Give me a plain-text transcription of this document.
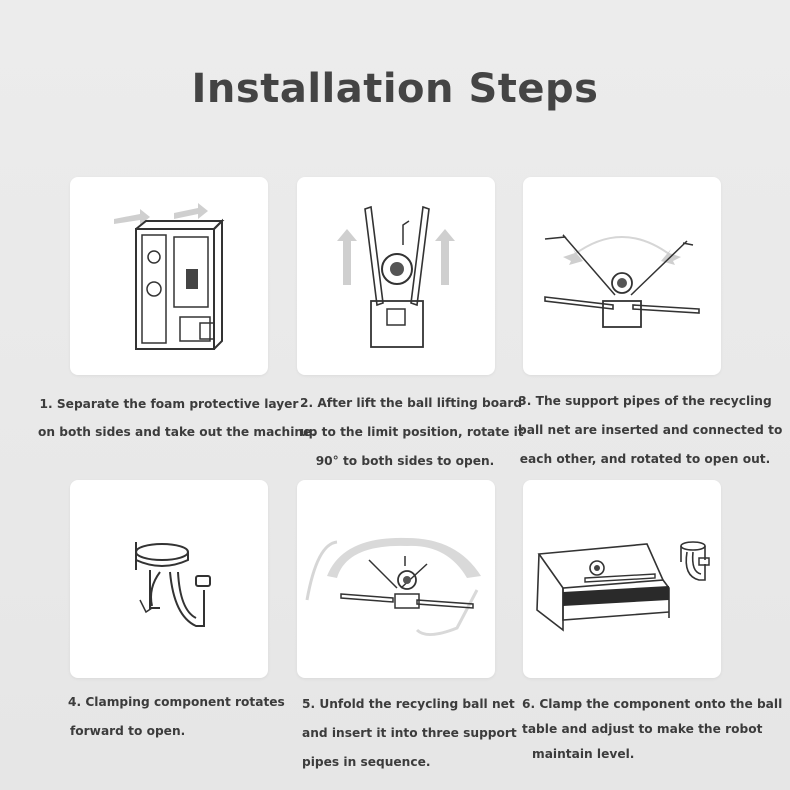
Installation Steps
1. Separate the foam protective layer
on both sides and take out the machine.
2. After lift the ball lifting board
up to the limit position, rotate it
90° to both sides to open.
3. The support pipes of the recycling
ball net are inserted and connected to
each other, and rotated to open out.
4. Clamping component rotates
forward to open.
5. Unfold the recycling ball net
and insert it into three support
pipes in sequence.
6. Clamp the component onto the ball
table and adjust to make the robot
maintain level.
